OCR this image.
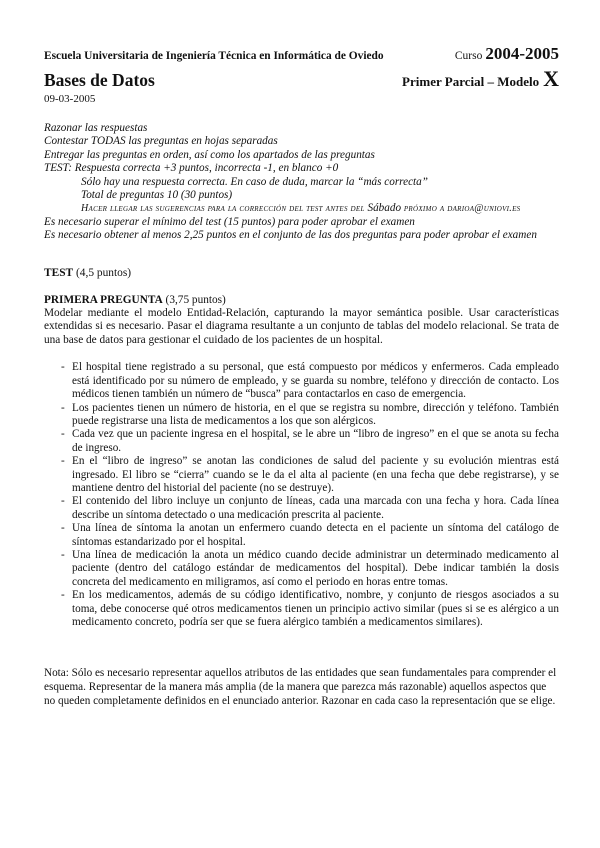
Escuela Universitaria de Ingeniería Técnica en Informática de Oviedo	Curso 2004-2005
Bases de Datos	Primer Parcial – Modelo X
09-03-2005
Razonar las respuestas
Contestar TODAS las preguntas en hojas separadas
Entregar las preguntas en orden, así como los apartados de las preguntas
TEST: Respuesta correcta +3 puntos, incorrecta -1, en blanco +0
Sólo hay una respuesta correcta. En caso de duda, marcar la “más correcta”
Total de preguntas 10 (30 puntos)
Hacer llegar las sugerencias para la corrección del test antes del Sábado próximo a darioa@uniovi.es
Es necesario superar el mínimo del test (15 puntos) para poder aprobar el examen
Es necesario obtener al menos 2,25 puntos en el conjunto de las dos preguntas para poder aprobar el examen
TEST (4,5 puntos)
PRIMERA PREGUNTA (3,75 puntos)
Modelar mediante el modelo Entidad-Relación, capturando la mayor semántica posible. Usar características extendidas si es necesario. Pasar el diagrama resultante a un conjunto de tablas del modelo relacional. Se trata de una base de datos para gestionar el cuidado de los pacientes de un hospital.
- El hospital tiene registrado a su personal, que está compuesto por médicos y enfermeros. Cada empleado está identificado por su número de empleado, y se guarda su nombre, teléfono y dirección de contacto. Los médicos tienen también un número de “busca” para contactarlos en caso de emergencia.
- Los pacientes tienen un número de historia, en el que se registra su nombre, dirección y teléfono. También puede registrarse una lista de medicamentos a los que son alérgicos.
- Cada vez que un paciente ingresa en el hospital, se le abre un “libro de ingreso” en el que se anota su fecha de ingreso.
- En el “libro de ingreso” se anotan las condiciones de salud del paciente y su evolución mientras está ingresado. El libro se “cierra” cuando se le da el alta al paciente (en una fecha que debe registrarse), y se mantiene dentro del historial del paciente (no se destruye).
- El contenido del libro incluye un conjunto de líneas, cada una marcada con una fecha y hora. Cada línea describe un síntoma detectado o una medicación prescrita al paciente.
- Una línea de síntoma la anotan un enfermero cuando detecta en el paciente un síntoma del catálogo de síntomas estandarizado por el hospital.
- Una línea de medicación la anota un médico cuando decide administrar un determinado medicamento al paciente (dentro del catálogo estándar de medicamentos del hospital). Debe indicar también la dosis concreta del medicamento en miligramos, así como el periodo en horas entre tomas.
- En los medicamentos, además de su código identificativo, nombre, y conjunto de riesgos asociados a su toma, debe conocerse qué otros medicamentos tienen un principio activo similar (pues si se es alérgico a un medicamento concreto, podría ser que se fuera alérgico también a medicamentos similares).
Nota: Sólo es necesario representar aquellos atributos de las entidades que sean fundamentales para comprender el esquema. Representar de la manera más amplia (de la manera que parezca más razonable) aquellos aspectos que no queden completamente definidos en el enunciado anterior. Razonar en cada caso la representación que se elige.
